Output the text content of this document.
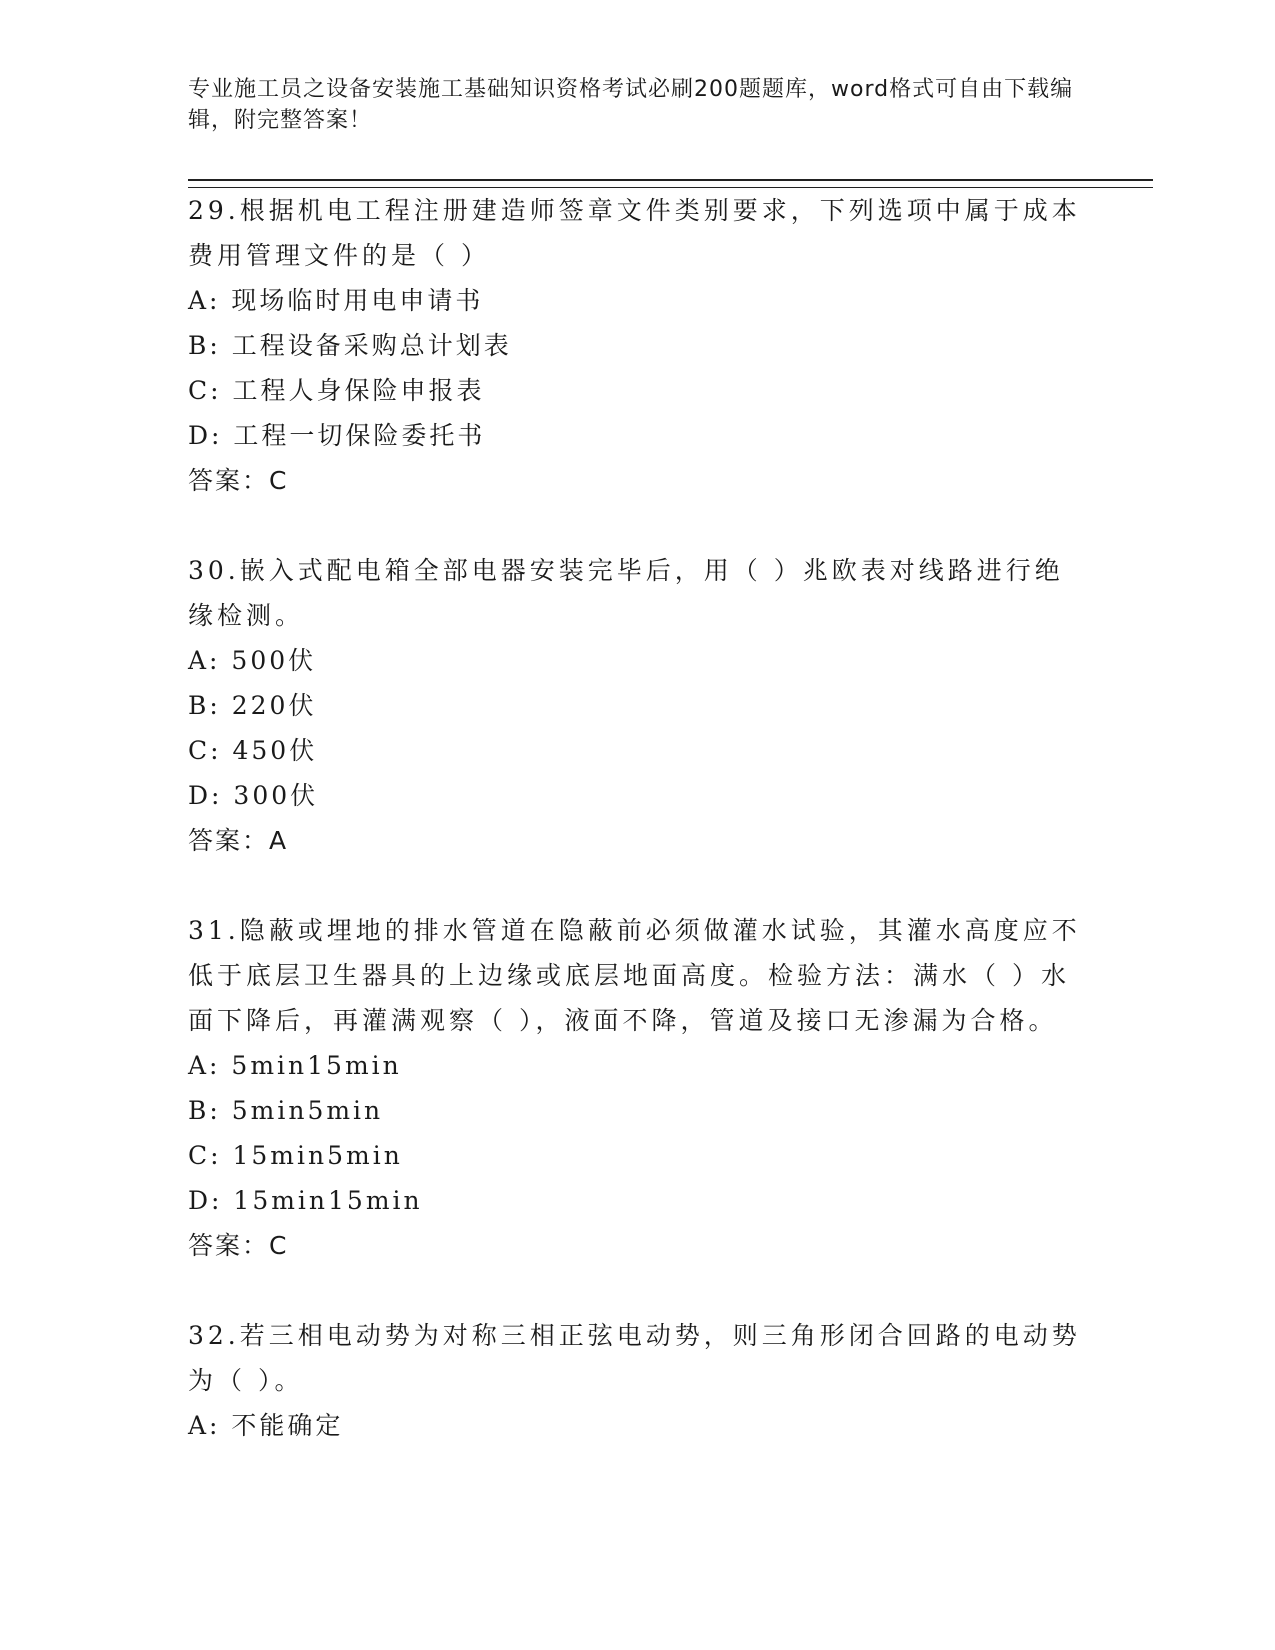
专业施工员之设备安装施工基础知识资格考试必刷200题题库，word格式可自由下载编辑，附完整答案！

29.根据机电工程注册建造师签章文件类别要求，下列选项中属于成本费用管理文件的是（ ）

A: 现场临时用电申请书

B: 工程设备采购总计划表

C: 工程人身保险申报表

D: 工程一切保险委托书

答案：C

30.嵌入式配电箱全部电器安装完毕后，用（ ）兆欧表对线路进行绝缘检测。

A: 500伏

B: 220伏

C: 450伏

D: 300伏

答案：A

31.隐蔽或埋地的排水管道在隐蔽前必须做灌水试验，其灌水高度应不低于底层卫生器具的上边缘或底层地面高度。检验方法：满水（ ）水面下降后，再灌满观察（ ），液面不降，管道及接口无渗漏为合格。

A: 5min15min

B: 5min5min

C: 15min5min

D: 15min15min

答案：C

32.若三相电动势为对称三相正弦电动势，则三角形闭合回路的电动势为（ ）。

A: 不能确定
